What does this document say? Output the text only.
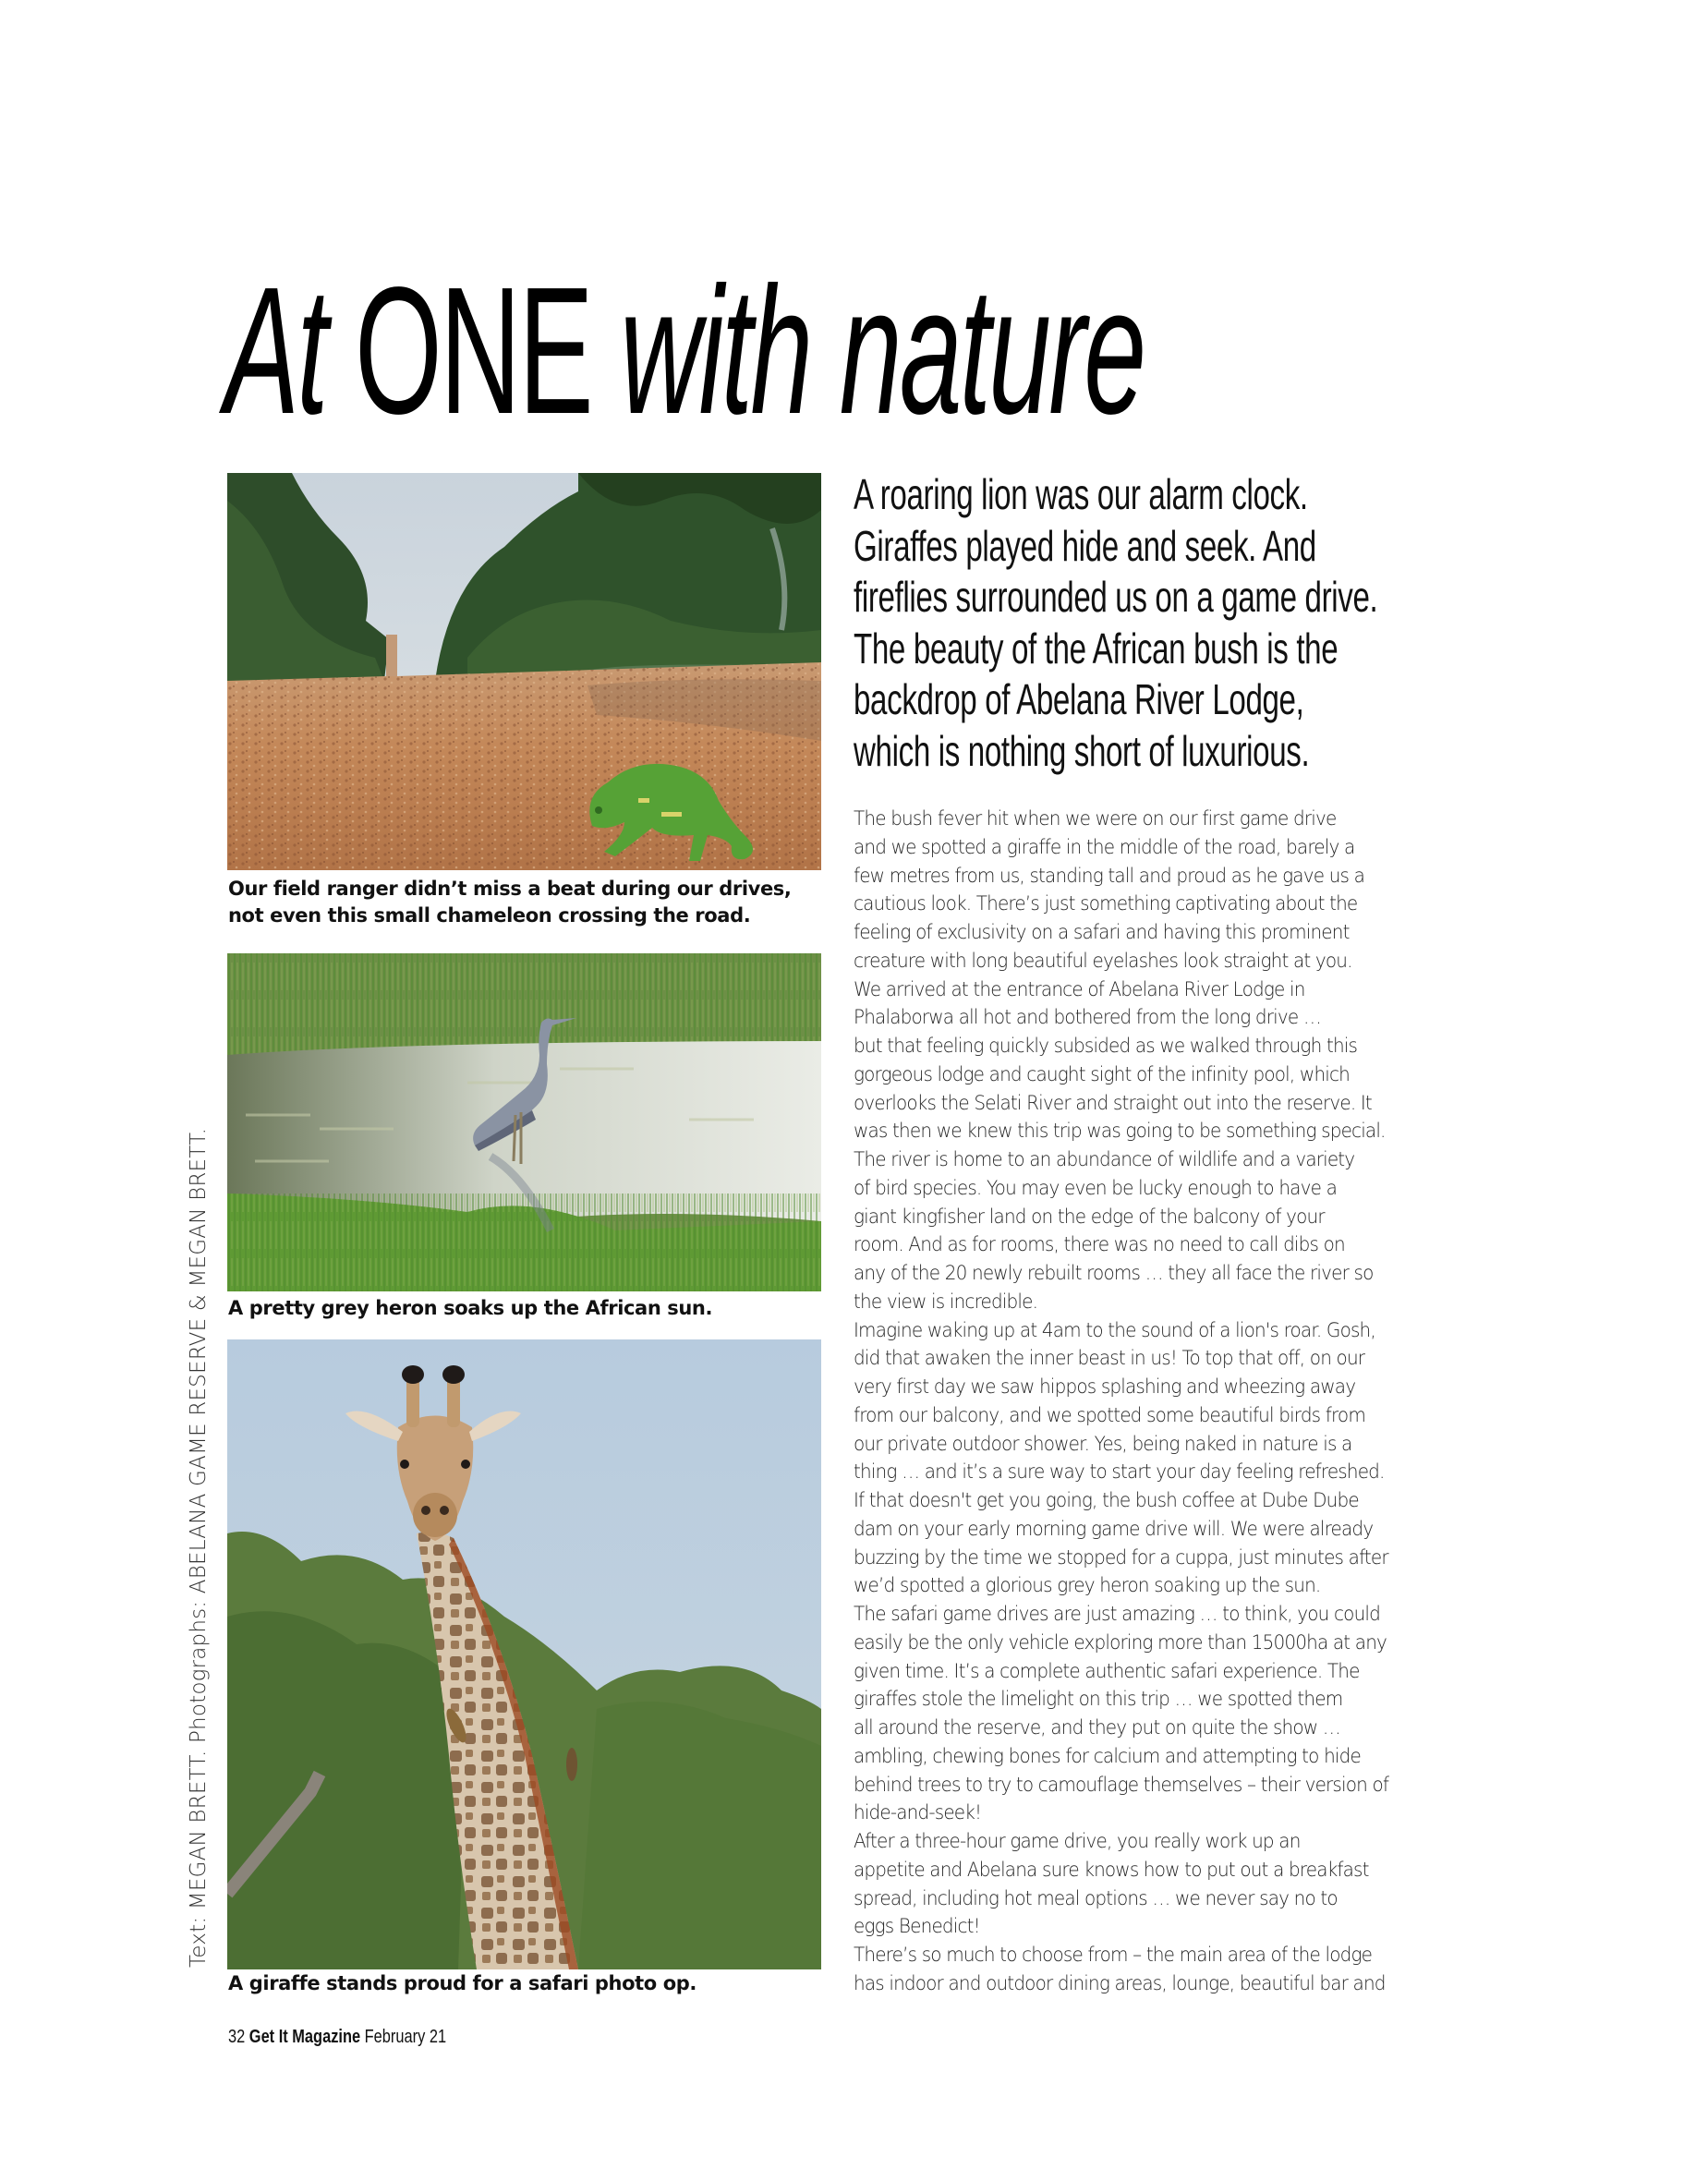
At ONE with nature
A roaring lion was our alarm clock.
Giraffes played hide and seek. And
fireflies surrounded us on a game drive.
The beauty of the African bush is the
backdrop of Abelana River Lodge,
which is nothing short of luxurious.
The bush fever hit when we were on our first game drive
and we spotted a giraffe in the middle of the road, barely a
few metres from us, standing tall and proud as he gave us a
cautious look. There’s just something captivating about the
feeling of exclusivity on a safari and having this prominent
creature with long beautiful eyelashes look straight at you.
We arrived at the entrance of Abelana River Lodge in
Phalaborwa all hot and bothered from the long drive …
but that feeling quickly subsided as we walked through this
gorgeous lodge and caught sight of the infinity pool, which
overlooks the Selati River and straight out into the reserve. It
was then we knew this trip was going to be something special.
The river is home to an abundance of wildlife and a variety
of bird species. You may even be lucky enough to have a
giant kingfisher land on the edge of the balcony of your
room. And as for rooms, there was no need to call dibs on
any of the 20 newly rebuilt rooms … they all face the river so
the view is incredible.
Imagine waking up at 4am to the sound of a lion's roar. Gosh,
did that awaken the inner beast in us! To top that off, on our
very first day we saw hippos splashing and wheezing away
from our balcony, and we spotted some beautiful birds from
our private outdoor shower. Yes, being naked in nature is a
thing … and it’s a sure way to start your day feeling refreshed.
If that doesn't get you going, the bush coffee at Dube Dube
dam on your early morning game drive will. We were already
buzzing by the time we stopped for a cuppa, just minutes after
we’d spotted a glorious grey heron soaking up the sun.
The safari game drives are just amazing … to think, you could
easily be the only vehicle exploring more than 15000ha at any
given time. It’s a complete authentic safari experience. The
giraffes stole the limelight on this trip … we spotted them
all around the reserve, and they put on quite the show …
ambling, chewing bones for calcium and attempting to hide
behind trees to try to camouflage themselves – their version of
hide-and-seek!
After a three-hour game drive, you really work up an
appetite and Abelana sure knows how to put out a breakfast
spread, including hot meal options … we never say no to
eggs Benedict!
There’s so much to choose from – the main area of the lodge
has indoor and outdoor dining areas, lounge, beautiful bar and
Our field ranger didn’t miss a beat during our drives,
not even this small chameleon crossing the road.
A pretty grey heron soaks up the African sun.
A giraffe stands proud for a safari photo op.
Text: MEGAN BRETT. Photographs: ABELANA GAME RESERVE & MEGAN BRETT.
32 Get It Magazine February 21
